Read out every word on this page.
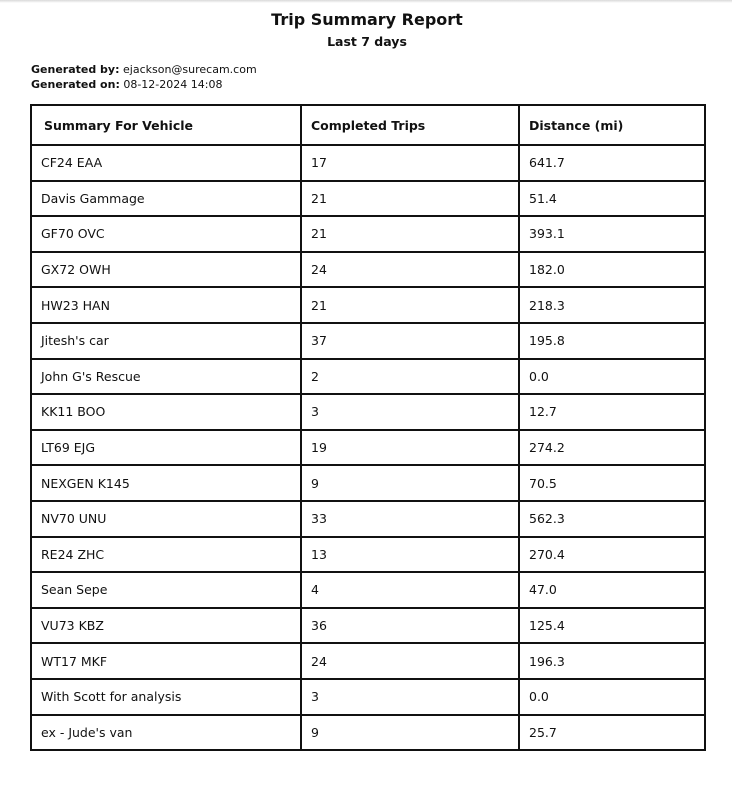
Trip Summary Report
Last 7 days
Generated by: ejackson@surecam.com
Generated on: 08-12-2024 14:08
Summary For Vehicle	Completed Trips	Distance (mi)
CF24 EAA	17	641.7
Davis Gammage	21	51.4
GF70 OVC	21	393.1
GX72 OWH	24	182.0
HW23 HAN	21	218.3
Jitesh's car	37	195.8
John G's Rescue	2	0.0
KK11 BOO	3	12.7
LT69 EJG	19	274.2
NEXGEN K145	9	70.5
NV70 UNU	33	562.3
RE24 ZHC	13	270.4
Sean Sepe	4	47.0
VU73 KBZ	36	125.4
WT17 MKF	24	196.3
With Scott for analysis	3	0.0
ex - Jude's van	9	25.7
